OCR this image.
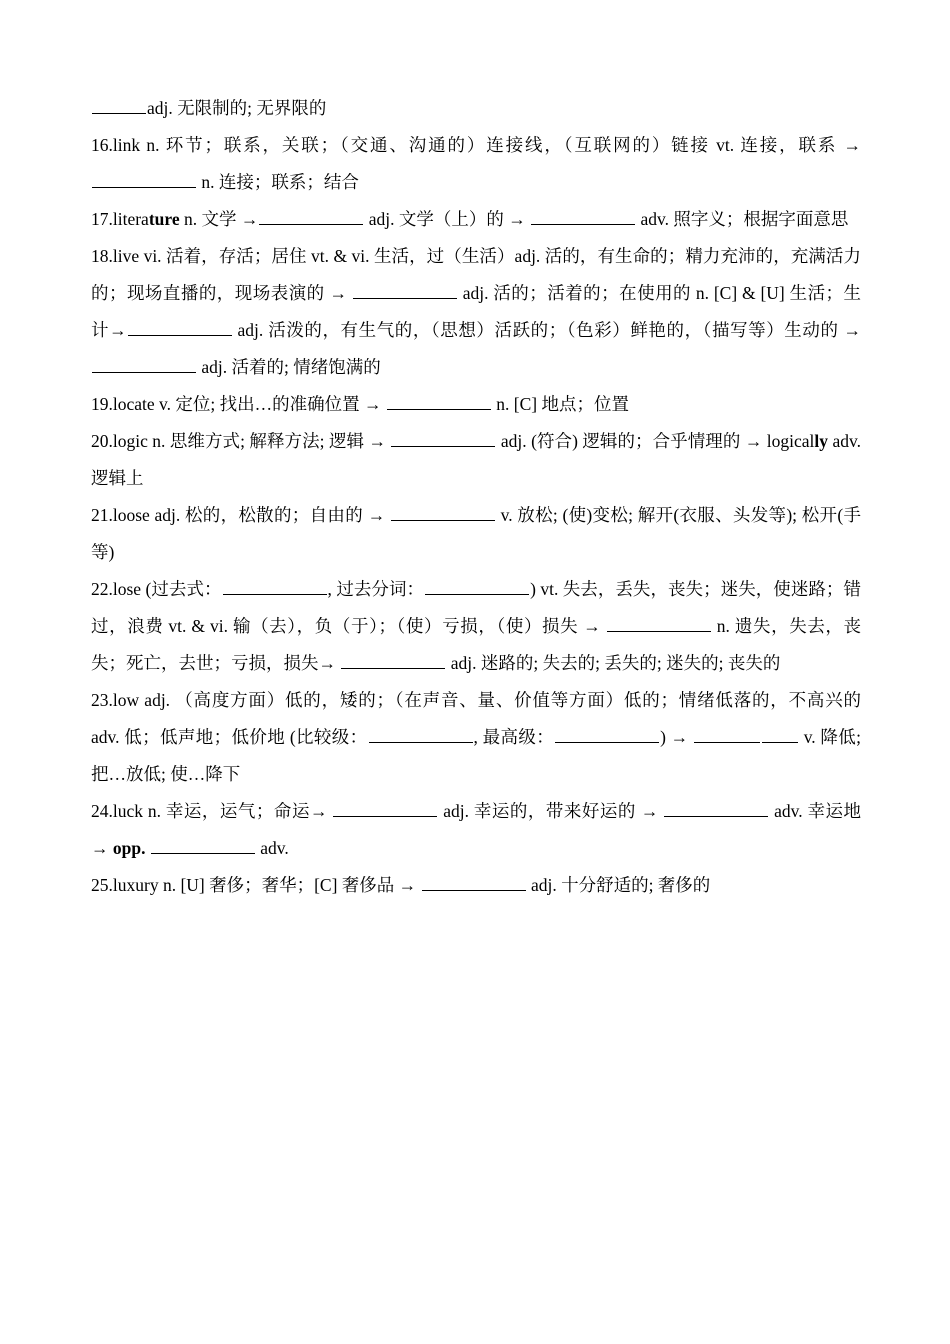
adj. 无限制的; 无界限的

16.link n. 环节；联系，关联；（交通、沟通的）连接线，（互联网的）链接 vt. 连接，联系 →  n. 连接；联系；结合

17.literature n. 文学 →	adj. 文学（上）的 →	adv. 照字义；根据字面意思

18.live vi. 活着，存活；居住 vt. & vi. 生活，过（生活）adj. 活的，有生命的；精力充沛的，充满活力的；现场直播的，现场表演的 →	adj. 活的；活着的；在使用的 n. [C] & [U] 生活；生计→	adj. 活泼的，有生气的，（思想）活跃的；（色彩）鲜艳的，（描写等）生动的 → adj. 活着的; 情绪饱满的

19.locate v. 定位; 找出…的准确位置 →	n. [C] 地点；位置

20.logic n. 思维方式; 解释方法; 逻辑 →	adj. (符合) 逻辑的；合乎情理的 → logically adv. 逻辑上

21.loose adj. 松的，松散的；自由的 →	v. 放松; (使)变松; 解开(衣服、头发等); 松开(手等)

22.lose (过去式：	, 过去分词：	) vt. 失去，丢失，丧失；迷失，使迷路；错过，浪费 vt. & vi. 输（去），负（于）；（使）亏损，（使）损失 →	n. 遗失，失去，丧失；死亡，去世；亏损，损失→	adj. 迷路的; 失去的; 丢失的; 迷失的; 丧失的

23.low adj. （高度方面）低的，矮的；（在声音、量、价值等方面）低的；情绪低落的，不高兴的 adv. 低；低声地；低价地 (比较级：	, 最高级：	) →	v. 降低; 把…放低; 使…降下

24.luck n. 幸运，运气；命运→	adj. 幸运的，带来好运的 →	adv. 幸运地 → opp.	adv.

25.luxury n. [U] 奢侈；奢华；[C] 奢侈品 →	adj. 十分舒适的; 奢侈的
